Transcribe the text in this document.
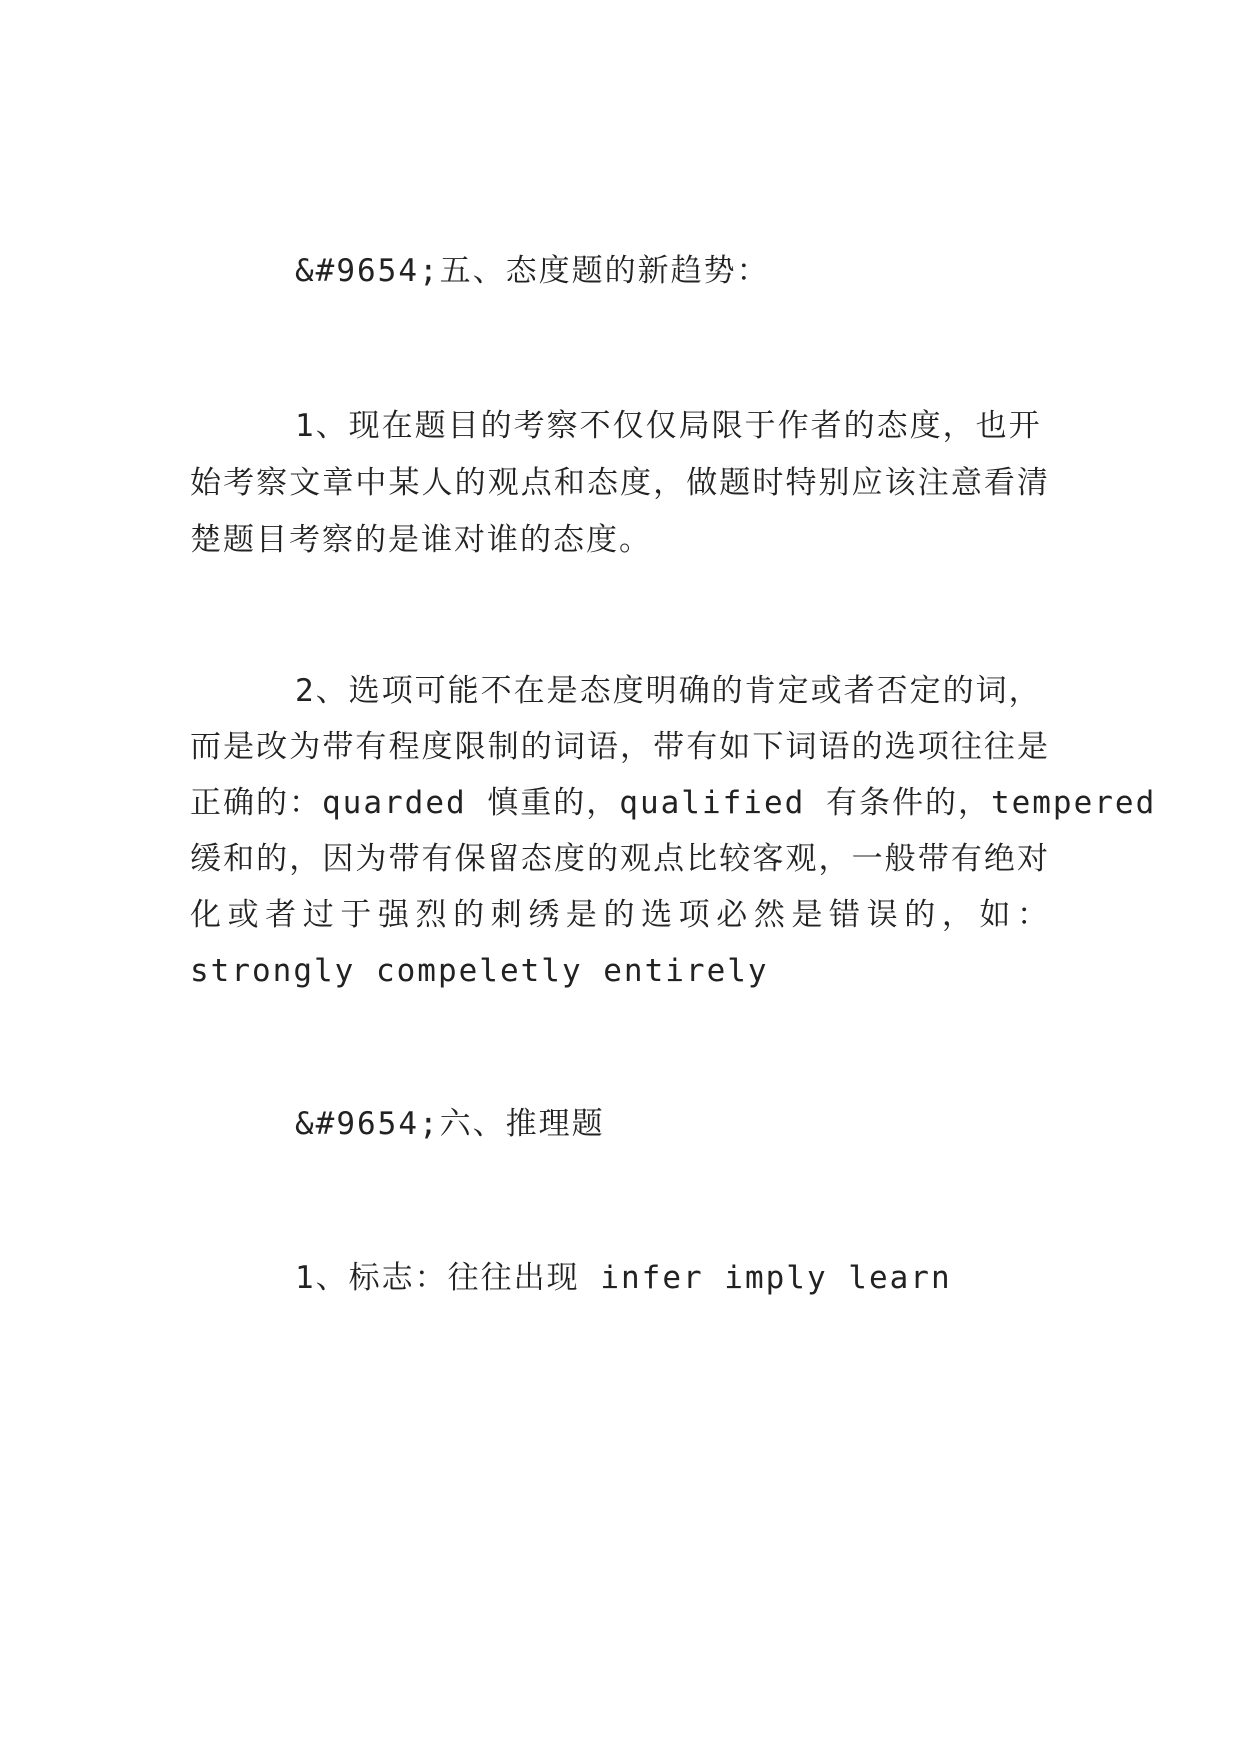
&#9654;五、态度题的新趋势：
1、现在题目的考察不仅仅局限于作者的态度，也开
始考察文章中某人的观点和态度，做题时特别应该注意看清
楚题目考察的是谁对谁的态度。
2、选项可能不在是态度明确的肯定或者否定的词，
而是改为带有程度限制的词语，带有如下词语的选项往往是
正确的：quarded 慎重的，qualified 有条件的，tempered
缓和的，因为带有保留态度的观点比较客观，一般带有绝对
化或者过于强烈的刺绣是的选项必然是错误的，如：
strongly compeletly entirely
&#9654;六、推理题
1、标志：往往出现 infer imply learn
